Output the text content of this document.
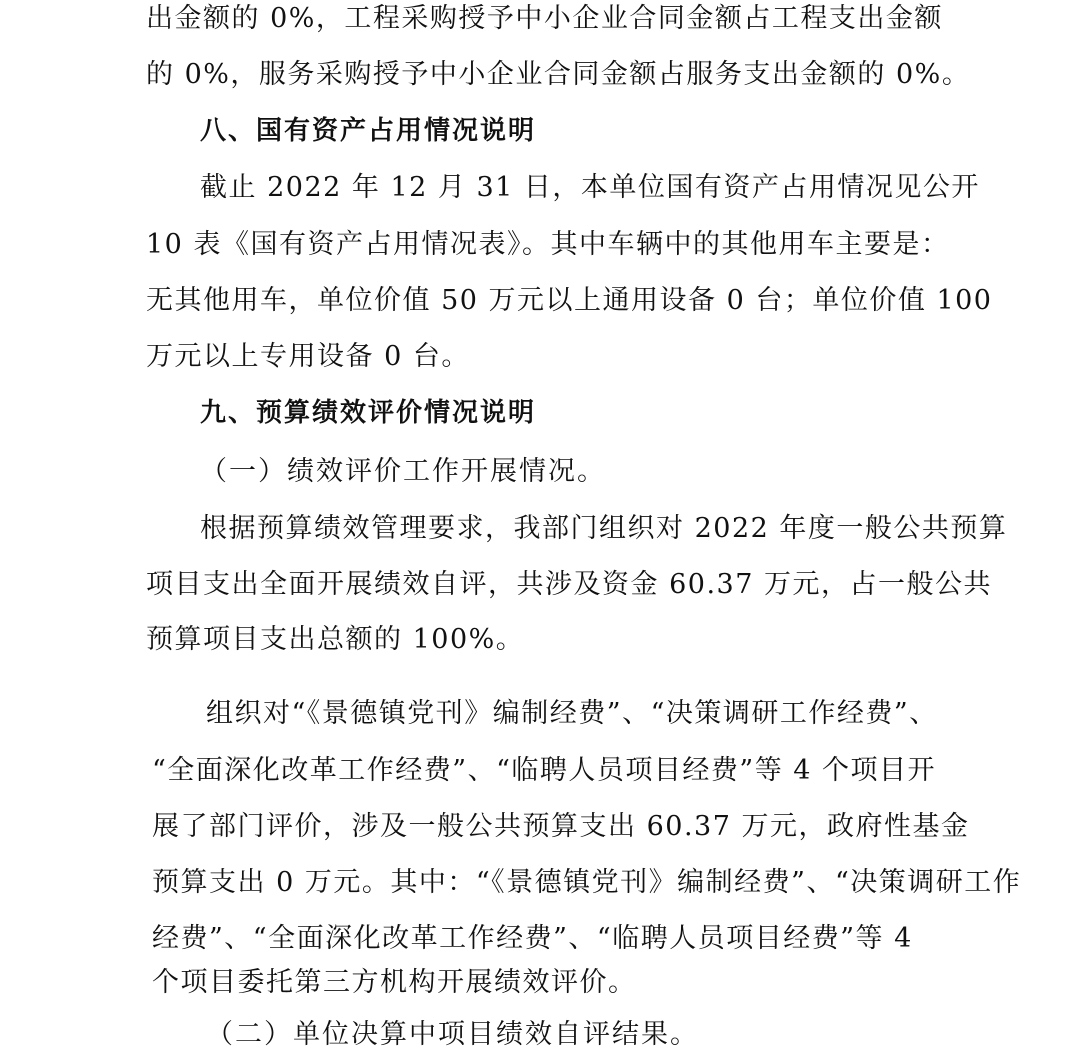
出金额的 0%，工程采购授予中小企业合同金额占工程支出金额
的 0%，服务采购授予中小企业合同金额占服务支出金额的 0%。
八、国有资产占用情况说明
截止 2022 年 12 月 31 日，本单位国有资产占用情况见公开
10 表《国有资产占用情况表》。其中车辆中的其他用车主要是：
无其他用车，单位价值 50 万元以上通用设备 0 台；单位价值 100
万元以上专用设备 0 台。
九、预算绩效评价情况说明
（一）绩效评价工作开展情况。
根据预算绩效管理要求，我部门组织对 2022 年度一般公共预算
项目支出全面开展绩效自评，共涉及资金 60.37 万元，占一般公共
预算项目支出总额的 100%。
组织对“《景德镇党刊》编制经费”、“决策调研工作经费”、
“全面深化改革工作经费”、“临聘人员项目经费”等 4 个项目开
展了部门评价，涉及一般公共预算支出 60.37 万元，政府性基金
预算支出 0 万元。其中：“《景德镇党刊》编制经费”、“决策调研工作
经费”、“全面深化改革工作经费”、“临聘人员项目经费”等 4
个项目委托第三方机构开展绩效评价。
（二）单位决算中项目绩效自评结果。
